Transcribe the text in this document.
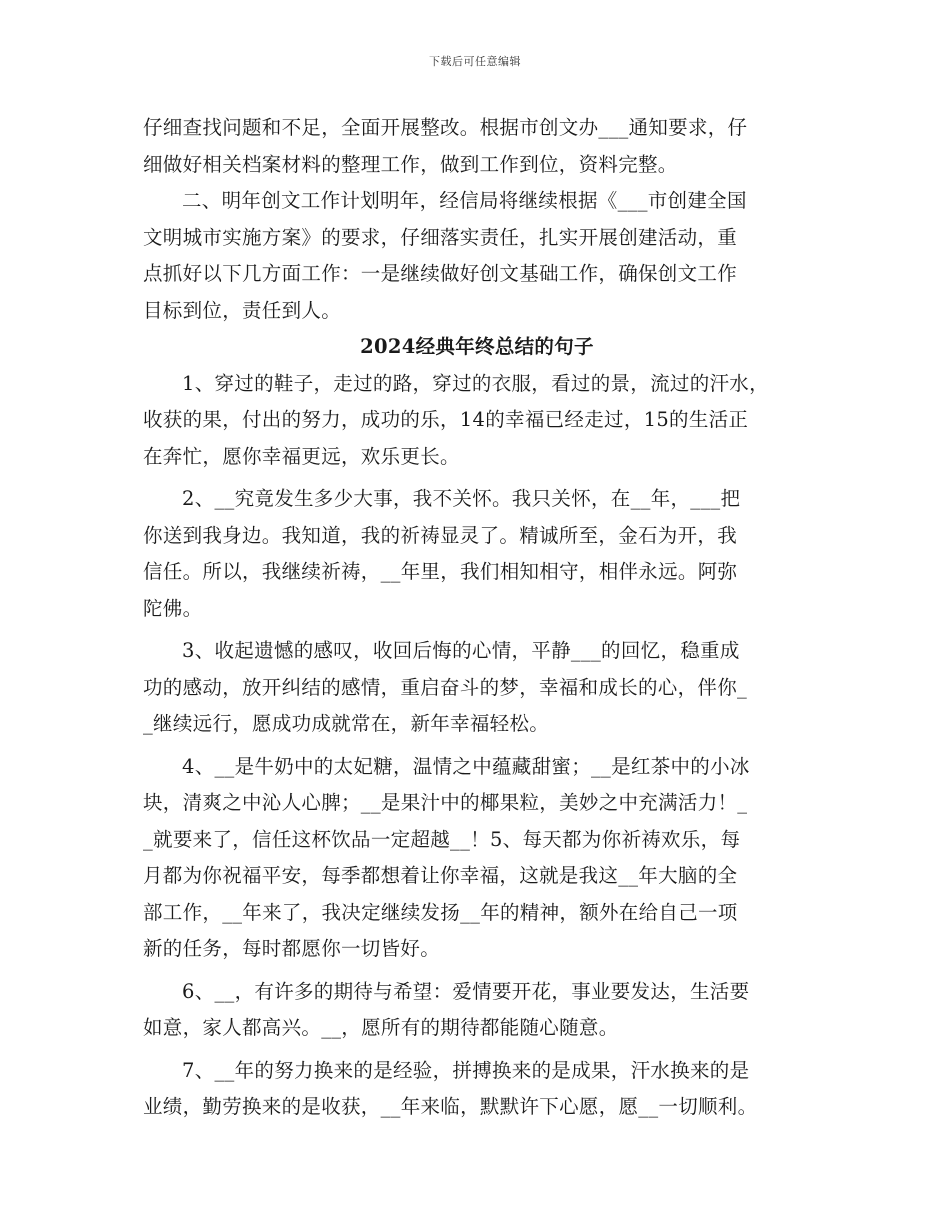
下载后可任意编辑
仔细查找问题和不足，全面开展整改。根据市创文办___通知要求，仔
细做好相关档案材料的整理工作，做到工作到位，资料完整。
二、明年创文工作计划明年，经信局将继续根据《___市创建全国
文明城市实施方案》的要求，仔细落实责任，扎实开展创建活动，重
点抓好以下几方面工作：一是继续做好创文基础工作，确保创文工作
目标到位，责任到人。
2024经典年终总结的句子
1、穿过的鞋子，走过的路，穿过的衣服，看过的景，流过的汗水，
收获的果，付出的努力，成功的乐，14的幸福已经走过，15的生活正
在奔忙，愿你幸福更远，欢乐更长。
2、__究竟发生多少大事，我不关怀。我只关怀，在__年，___把
你送到我身边。我知道，我的祈祷显灵了。精诚所至，金石为开，我
信任。所以，我继续祈祷，__年里，我们相知相守，相伴永远。阿弥
陀佛。
3、收起遗憾的感叹，收回后悔的心情，平静___的回忆，稳重成
功的感动，放开纠结的感情，重启奋斗的梦，幸福和成长的心，伴你_
_继续远行，愿成功成就常在，新年幸福轻松。
4、__是牛奶中的太妃糖，温情之中蕴藏甜蜜；__是红茶中的小冰
块，清爽之中沁人心脾；__是果汁中的椰果粒，美妙之中充满活力！_
_就要来了，信任这杯饮品一定超越__！5、每天都为你祈祷欢乐，每
月都为你祝福平安，每季都想着让你幸福，这就是我这__年大脑的全
部工作，__年来了，我决定继续发扬__年的精神，额外在给自己一项
新的任务，每时都愿你一切皆好。
6、__，有许多的期待与希望：爱情要开花，事业要发达，生活要
如意，家人都高兴。__，愿所有的期待都能随心随意。
7、__年的努力换来的是经验，拼搏换来的是成果，汗水换来的是
业绩，勤劳换来的是收获，__年来临，默默许下心愿，愿__一切顺利。
